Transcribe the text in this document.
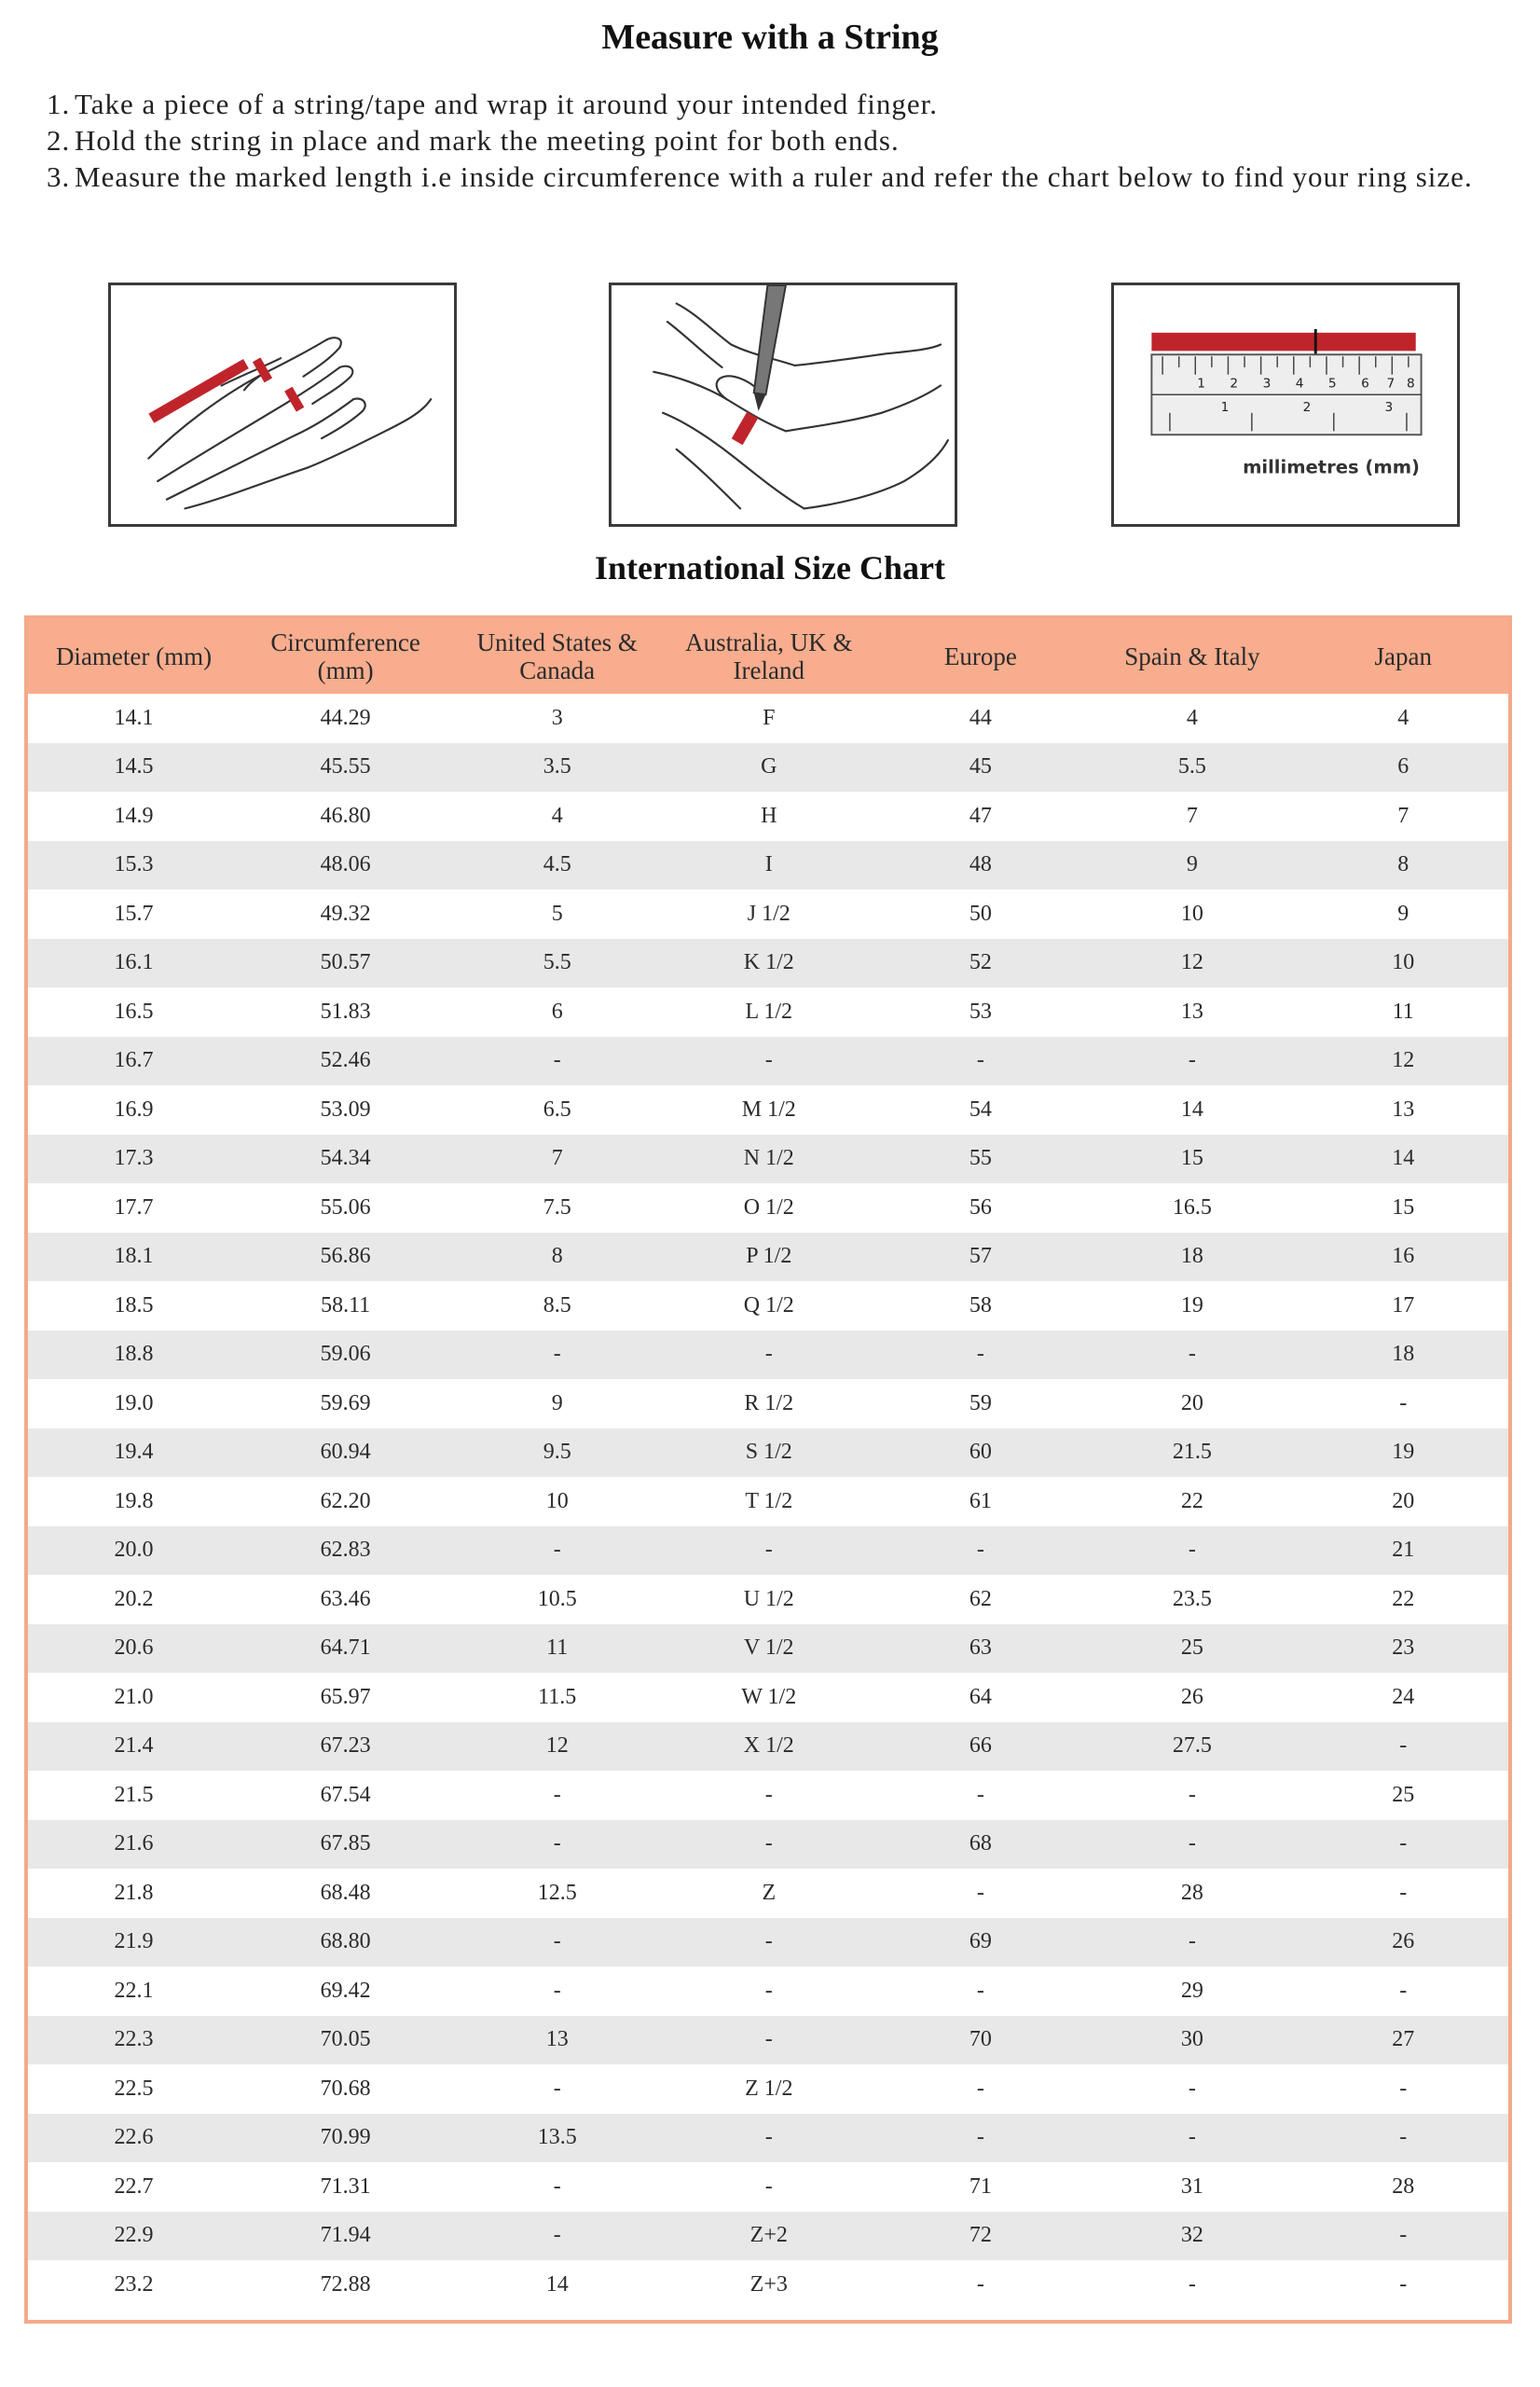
Measure with a String
1. Take a piece of a string/tape and wrap it around your intended finger.
2. Hold the string in place and mark the meeting point for both ends.
3. Measure the marked length i.e inside circumference with a ruler and refer the chart below to find your ring size.
1 2 3 4 5 6 7 8
1	2	3
millimetres (mm)
International Size Chart
Diameter (mm)	Circumference (mm)	United States & Canada	Australia, UK & Ireland	Europe	Spain & Italy	Japan
14.1	44.29	3	F	44	4	4
14.5	45.55	3.5	G	45	5.5	6
14.9	46.80	4	H	47	7	7
15.3	48.06	4.5	I	48	9	8
15.7	49.32	5	J 1/2	50	10	9
16.1	50.57	5.5	K 1/2	52	12	10
16.5	51.83	6	L 1/2	53	13	11
16.7	52.46	-	-	-	-	12
16.9	53.09	6.5	M 1/2	54	14	13
17.3	54.34	7	N 1/2	55	15	14
17.7	55.06	7.5	O 1/2	56	16.5	15
18.1	56.86	8	P 1/2	57	18	16
18.5	58.11	8.5	Q 1/2	58	19	17
18.8	59.06	-	-	-	-	18
19.0	59.69	9	R 1/2	59	20	-
19.4	60.94	9.5	S 1/2	60	21.5	19
19.8	62.20	10	T 1/2	61	22	20
20.0	62.83	-	-	-	-	21
20.2	63.46	10.5	U 1/2	62	23.5	22
20.6	64.71	11	V 1/2	63	25	23
21.0	65.97	11.5	W 1/2	64	26	24
21.4	67.23	12	X 1/2	66	27.5	-
21.5	67.54	-	-	-	-	25
21.6	67.85	-	-	68	-	-
21.8	68.48	12.5	Z	-	28	-
21.9	68.80	-	-	69	-	26
22.1	69.42	-	-	-	29	-
22.3	70.05	13	-	70	30	27
22.5	70.68	-	Z 1/2	-	-	-
22.6	70.99	13.5	-	-	-	-
22.7	71.31	-	-	71	31	28
22.9	71.94	-	Z+2	72	32	-
23.2	72.88	14	Z+3	-	-	-
